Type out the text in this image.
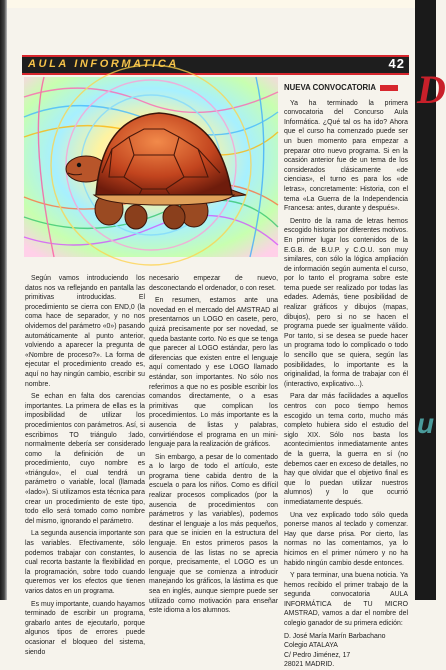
D
u
AULA INFORMATICA	42

Según vamos introduciendo los datos nos va reflejando en pantalla las primitivas introducidas. El procedimiento se cierra con END,0 (la coma hace de separador, y no nos olvidemos del parámetro «0») pasando automáticamente al punto anterior, volviendo a aparecer la pregunta de «Nombre de proceso?». La forma de ejecutar el procedimiento creado es, aquí no hay ningún cambio, escribir su nombre.

Se echan en falta dos carencias importantes. La primera de ellas es la imposibilidad de utilizar los procedimientos con parámetros. Así, si escribimos TO triángulo :lado, normalmente debería ser considerado como la definición de un procedimiento, cuyo nombre es «triángulo», el cual tendrá un parámetro o variable, local (llamada «lado»). Si utilizamos esta técnica para crear un procedimiento de este tipo, todo ello será tomado como nombre del mismo, ignorando el parámetro.

La segunda ausencia importante son las variables. Efectivamente, sólo podemos trabajar con constantes, lo cual recorta bastante la flexibilidad en la programación, sobre todo cuando queremos ver los efectos que tienen varios datos en un programa.

Es muy importante, cuando hayamos terminado de escribir un programa, grabarlo antes de ejecutarlo, porque algunos tipos de errores puede ocasionar el bloqueo del sistema, siendo

necesario empezar de nuevo, desconectando el ordenador, o con reset.

En resumen, estamos ante una novedad en el mercado del AMSTRAD al presentarnos un LOGO en casete, pero, quizá precisamente por ser novedad, se queda bastante corto. No es que se tenga que parecer al LOGO estándar, pero las diferencias que existen entre el lenguaje aquí comentado y ese LOGO llamado estándar, son importantes. No sólo nos referimos a que no es posible escribir los comandos directamente, o a esas primitivas que complican los procedimientos. Lo más importante es la ausencia de listas y palabras, convirtiéndose el programa en un mini-lenguaje para la realización de gráficos.

Sin embargo, a pesar de lo comentado a lo largo de todo el artículo, este programa tiene cabida dentro de la escuela o para los niños. Como es difícil realizar procesos complicados (por la ausencia de procedimientos con parámetros y las variables), podemos destinar el lenguaje a los más pequeños, para que se inicien en la estructura del lenguaje. En estos primeros pasos la ausencia de las listas no se aprecia porque, precisamente, el LOGO es un lenguaje que se comienza a introducir manejando los gráficos, la lástima es que sea en inglés, aunque siempre puede ser utilizado como motivación para enseñar este idioma a los alumnos.

NUEVA CONVOCATORIA

Ya ha terminado la primera convocatoria del Concurso Aula Informática. ¿Qué tal os ha ido? Ahora que el curso ha comenzado puede ser un buen momento para empezar a preparar otro nuevo programa. Si en la ocasión anterior fue de un tema de los considerados clásicamente «de ciencias», el turno es para los «de letras», concretamente: Historia, con el tema «La Guerra de la Independencia Francesa: antes, durante y después».

Dentro de la rama de letras hemos escogido historia por diferentes motivos. En primer lugar los contenidos de la E.G.B. de B.U.P. y C.O.U. son muy similares, con sólo la lógica ampliación de información según aumenta el curso, por lo tanto el programa sobre este tema puede ser realizado por todas las edades. Además, tiene posibilidad de realizar gráficos y dibujos (mapas, dibujos), pero si no se hacen el programa puede ser igualmente válido. Por tanto, si se desea se puede hacer un programa todo lo complicado o todo lo sencillo que se quiera, según las posibilidades, lo importante es la originalidad, la forma de trabajar con él (interactivo, explicativo...).

Para dar más facilidades a aquellos centros con poco tiempo hemos escogido un tema corto, mucho más completo hubiera sido el estudio del siglo XIX. Sólo nos basta los acontecimientos inmediatamente antes de la guerra, la guerra en sí (no debemos caer en exceso de detalles, no hay que olvidar que el objetivo final es que lo puedan utilizar nuestros alumnos) y lo que ocurrió inmediatamente después.

Una vez explicado todo sólo queda ponerse manos al teclado y comenzar. Hay que darse prisa. Por cierto, las normas no las comentamos, ya lo hicimos en el primer número y no ha habido ningún cambio desde entonces.

Y para terminar, una buena noticia. Ya hemos recibido el primer trabajo de la segunda convocatoria AULA INFORMÁTICA de TU MICRO AMSTRAD, vamos a dar el nombre del colegio ganador de su primera edición:

D. José María Marín Barbachano
Colegio ATALAYA
C/ Pedro Jiménez, 17
28021 MADRID.
